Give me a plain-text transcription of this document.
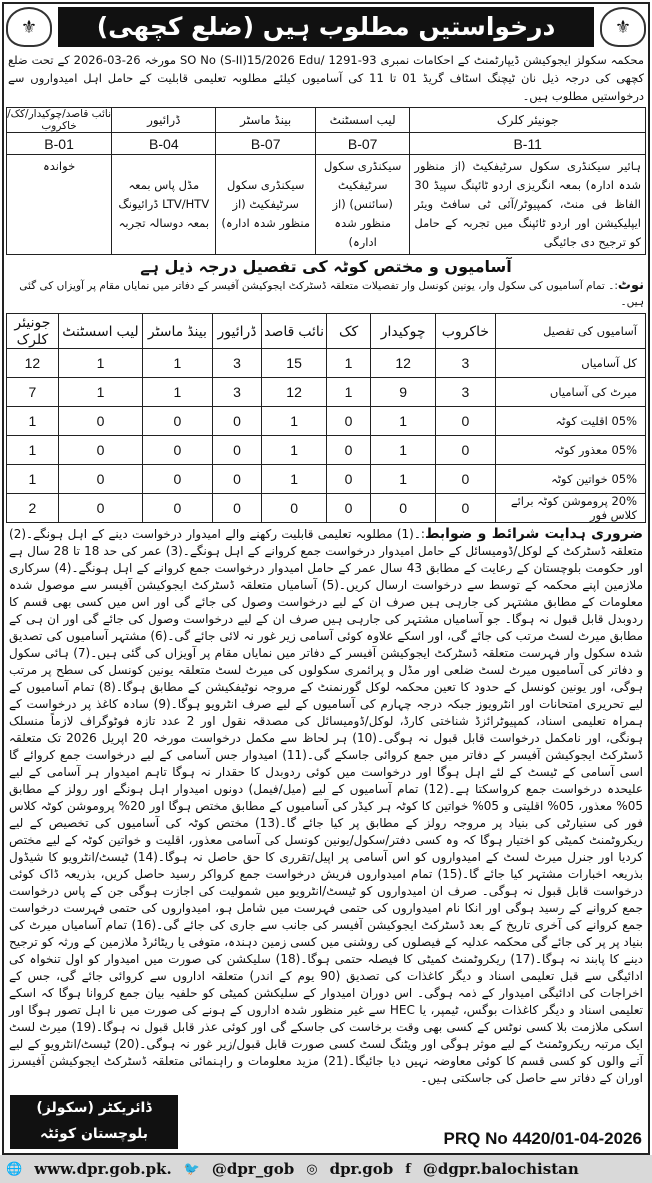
⚜	درخواستیں مطلوب ہیں (ضلع کچھی)	⚜
محکمہ سکولز ایجوکیشن ڈیپارٹمنٹ کے احکامات نمبری 93-1291 /SO No (S-II)15/2026 Edu مورخہ 26-03-2026 کے تحت ضلع کچھی کی درجہ ذیل نان ٹیچنگ اسٹاف گریڈ 01 تا 11 کی آسامیوں کیلئے مطلوبہ تعلیمی قابلیت کے حامل اہل امیدواروں سے درخواستیں مطلوب ہیں۔
جونیئر کلرک	لیب اسسٹنٹ	بینڈ ماسٹر	ڈرائیور	نائب قاصد/چوکیدار/کک/خاکروب
B-11	B-07	B-07	B-04	B-01
ہائیر سیکنڈری سکول سرٹیفکیٹ (از منظور شدہ ادارہ) بمعہ انگریزی اردو ٹائپنگ سپیڈ 30 الفاظ فی منٹ، کمپیوٹر/آئی ٹی سافٹ ویئر ایپلیکیشن اور اردو ٹائپنگ میں تجربہ کے حامل کو ترجیح دی جائیگی	سیکنڈری سکول سرٹیفکیٹ (سائنس) (از منظور شدہ ادارہ)	سیکنڈری سکول سرٹیفکیٹ (از منظور شدہ ادارہ)	مڈل پاس بمعہ LTV/HTV ڈرائیونگ بمعہ دوسالہ تجربہ	خواندہ
آسامیوں و مختص کوٹہ کی تفصیل درجہ ذیل ہے
نوٹ:۔ تمام آسامیوں کی سکول وار، یونین کونسل وار تفصیلات متعلقہ ڈسٹرکٹ ایجوکیشن آفیسر کے دفاتر میں نمایاں مقام پر آویزاں کی گئی ہیں۔
آسامیوں کی تفصیل	خاکروب	چوکیدار	کک	نائب قاصد	ڈرائیور	بینڈ ماسٹر	لیب اسسٹنٹ	جونیئر کلرک
کل آسامیاں	3	12	1	15	3	1	1	12
میرٹ کی آسامیاں	3	9	1	12	3	1	1	7
05% اقلیت کوٹہ	0	1	0	1	0	0	0	1
05% معذور کوٹہ	0	1	0	1	0	0	0	1
05% خواتین کوٹہ	0	1	0	1	0	0	0	1
20% پروموشن کوٹہ برائے کلاس فور	0	0	0	0	0	0	0	2
ضروری ہدایت شرائط و ضوابط:۔(1) مطلوبہ تعلیمی قابلیت رکھنے والے امیدوار درخواست دینے کے اہل ہونگے۔(2) متعلقہ ڈسٹرکٹ کے لوکل/ڈومیسائل کے حامل امیدوار درخواست جمع کروانے کے اہل ہونگے۔(3) عمر کی حد 18 تا 28 سال ہے اور حکومت بلوچستان کے رعایت کے مطابق 43 سال عمر کے حامل امیدوار درخواست جمع کروانے کے اہل ہونگے۔(4) سرکاری ملازمین اپنے محکمہ کے توسط سے درخواست ارسال کریں۔(5) آسامیاں متعلقہ ڈسٹرکٹ ایجوکیشن آفیسر سے موصول شدہ معلومات کے مطابق مشتہر کی جارہی ہیں صرف ان کے لیے درخواست وصول کی جائے گی اور اس میں کسی بھی قسم کا ردوبدل قابل قبول نہ ہوگا۔ جو آسامیاں مشتہر کی جارہی ہیں صرف ان کے لیے درخواست وصول کی جائے گی اور ان ہی کے مطابق میرٹ لسٹ مرتب کی جائے گی، اور اسکے علاوہ کوئی آسامی زیر غور نہ لائی جائے گی۔(6) مشتہر آسامیوں کی تصدیق شدہ سکول وار فہرست متعلقہ ڈسٹرکٹ ایجوکیشن آفیسر کے دفاتر میں نمایاں مقام پر آویزاں کی گئی ہیں۔(7) ہائی سکول و دفاتر کی آسامیوں میرٹ لسٹ ضلعی اور مڈل و پرائمری سکولوں کی میرٹ لسٹ متعلقہ یونین کونسل کی سطح پر مرتب ہوگی، اور یونین کونسل کے حدود کا تعین محکمہ لوکل گورنمنٹ کے مروجہ نوٹیفکیشن کے مطابق ہوگا۔(8) تمام آسامیوں کے لیے تحریری امتحانات اور انٹرویوز جبکہ درجہ چہارم کی آسامیوں کے لیے صرف انٹرویو ہوگا۔(9) سادہ کاغذ پر درخواست کے ہمراہ تعلیمی اسناد، کمپیوٹرائزڈ شناختی کارڈ، لوکل/ڈومیسائل کی مصدقہ نقول اور 2 عدد تازہ فوٹوگراف لازماً منسلک ہونگی، اور نامکمل درخواست قابل قبول نہ ہوگی۔(10) ہر لحاظ سے مکمل درخواست مورخہ 20 اپریل 2026 تک متعلقہ ڈسٹرکٹ ایجوکیشن آفیسر کے دفاتر میں جمع کروائی جاسکے گی۔(11) امیدوار جس آسامی کے لیے درخواست جمع کروائے گا اسی آسامی کے ٹیسٹ کے لئے اہل ہوگا اور درخواست میں کوئی ردوبدل کا حقدار نہ ہوگا تاہم امیدوار ہر آسامی کے لیے علیحدہ درخواست جمع کرواسکتا ہے۔(12) تمام آسامیوں کے لیے (میل/فیمل) دونوں امیدوار اہل ہونگے اور رولز کے مطابق 05% معذور، 05% اقلیتی و 05% خواتین کا کوٹہ ہر کیڈر کی آسامیوں کے مطابق مختص ہوگا اور 20% پروموشن کوٹہ کلاس فور کی سنیارٹی کی بنیاد پر مروجہ رولز کے مطابق پر کیا جائے گا۔(13) مختص کوٹہ کی آسامیوں کی تخصیص کے لیے ریکروٹمنٹ کمیٹی کو اختیار ہوگا کہ وہ کسی دفتر/سکول/یونین کونسل کی آسامی معذور، اقلیت و خواتین کوٹہ کے لیے مختص کردیا اور جنرل میرٹ لسٹ کے امیدواروں کو اس آسامی پر اپیل/تقرری کا حق حاصل نہ ہوگا۔(14) ٹیسٹ/انٹرویو کا شیڈول بذریعہ اخبارات مشتہر کیا جائے گا۔(15) تمام امیدواروں فریش درخواست جمع کرواکر رسید حاصل کریں، بذریعہ ڈاک کوئی درخواست قابل قبول نہ ہوگی۔ صرف ان امیدواروں کو ٹیسٹ/انٹرویو میں شمولیت کی اجازت ہوگی جن کے پاس درخواست جمع کروانے کے رسید ہوگی اور انکا نام امیدواروں کی حتمی فہرست میں شامل ہو، امیدواروں کی حتمی فہرست درخواست جمع کروانے کی آخری تاریخ کے بعد ڈسٹرکٹ ایجوکیشن آفیسر کی جانب سے جاری کی جائے گی۔(16) تمام آسامیاں میرٹ کی بنیاد پر پر کی جائے گی محکمہ عدلیہ کے فیصلوں کی روشنی میں کسی زمین دہندہ، متوفی یا ریٹائرڈ ملازمین کے ورثہ کو ترجیح دینے کا پابند نہ ہوگا۔(17) ریکروٹمنٹ کمیٹی کا فیصلہ حتمی ہوگا۔(18) سلیکشن کی صورت میں امیدوار کو اول تنخواہ کی ادائیگی سے قبل تعلیمی اسناد و دیگر کاغذات کی تصدیق (90 یوم کے اندر) متعلقہ اداروں سے کروائی جائے گی، جس کے اخراجات کی ادائیگی امیدوار کے ذمہ ہوگی۔ اس دوران امیدوار کے سلیکشن کمیٹی کو حلفیہ بیان جمع کروانا ہوگا کہ اسکے تعلیمی اسناد و دیگر کاغذات بوگس، ٹیمپر، یا HEC سے غیر منظور شدہ اداروں کے ہونے کی صورت میں نا اہل تصور ہوگا اور اسکی ملازمت بلا کسی نوٹس کے کسی بھی وقت برخاست کی جاسکے گی اور کوئی عذر قابل قبول نہ ہوگا۔(19) میرٹ لسٹ ایک مرتبہ ریکروٹمنٹ کے لیے موثر ہوگی اور ویٹنگ لسٹ کسی صورت قابل قبول/زیر غور نہ ہوگی۔(20) ٹیسٹ/انٹرویو کے لیے آنے والوں کو کسی قسم کا کوئی معاوضہ نہیں دیا جائیگا۔(21) مزید معلومات و راہنمائی متعلقہ ڈسٹرکٹ ایجوکیشن آفیسرز اوران کے دفاتر سے حاصل کی جاسکتی ہیں۔
ڈائریکٹر (سکولز)
بلوچستان کوئٹہ	PRQ No 4420/01-04-2026
🌐 www.dpr.gob.pk. 🐦 @dpr_gob ◎ dpr.gob f @dgpr.balochistan
